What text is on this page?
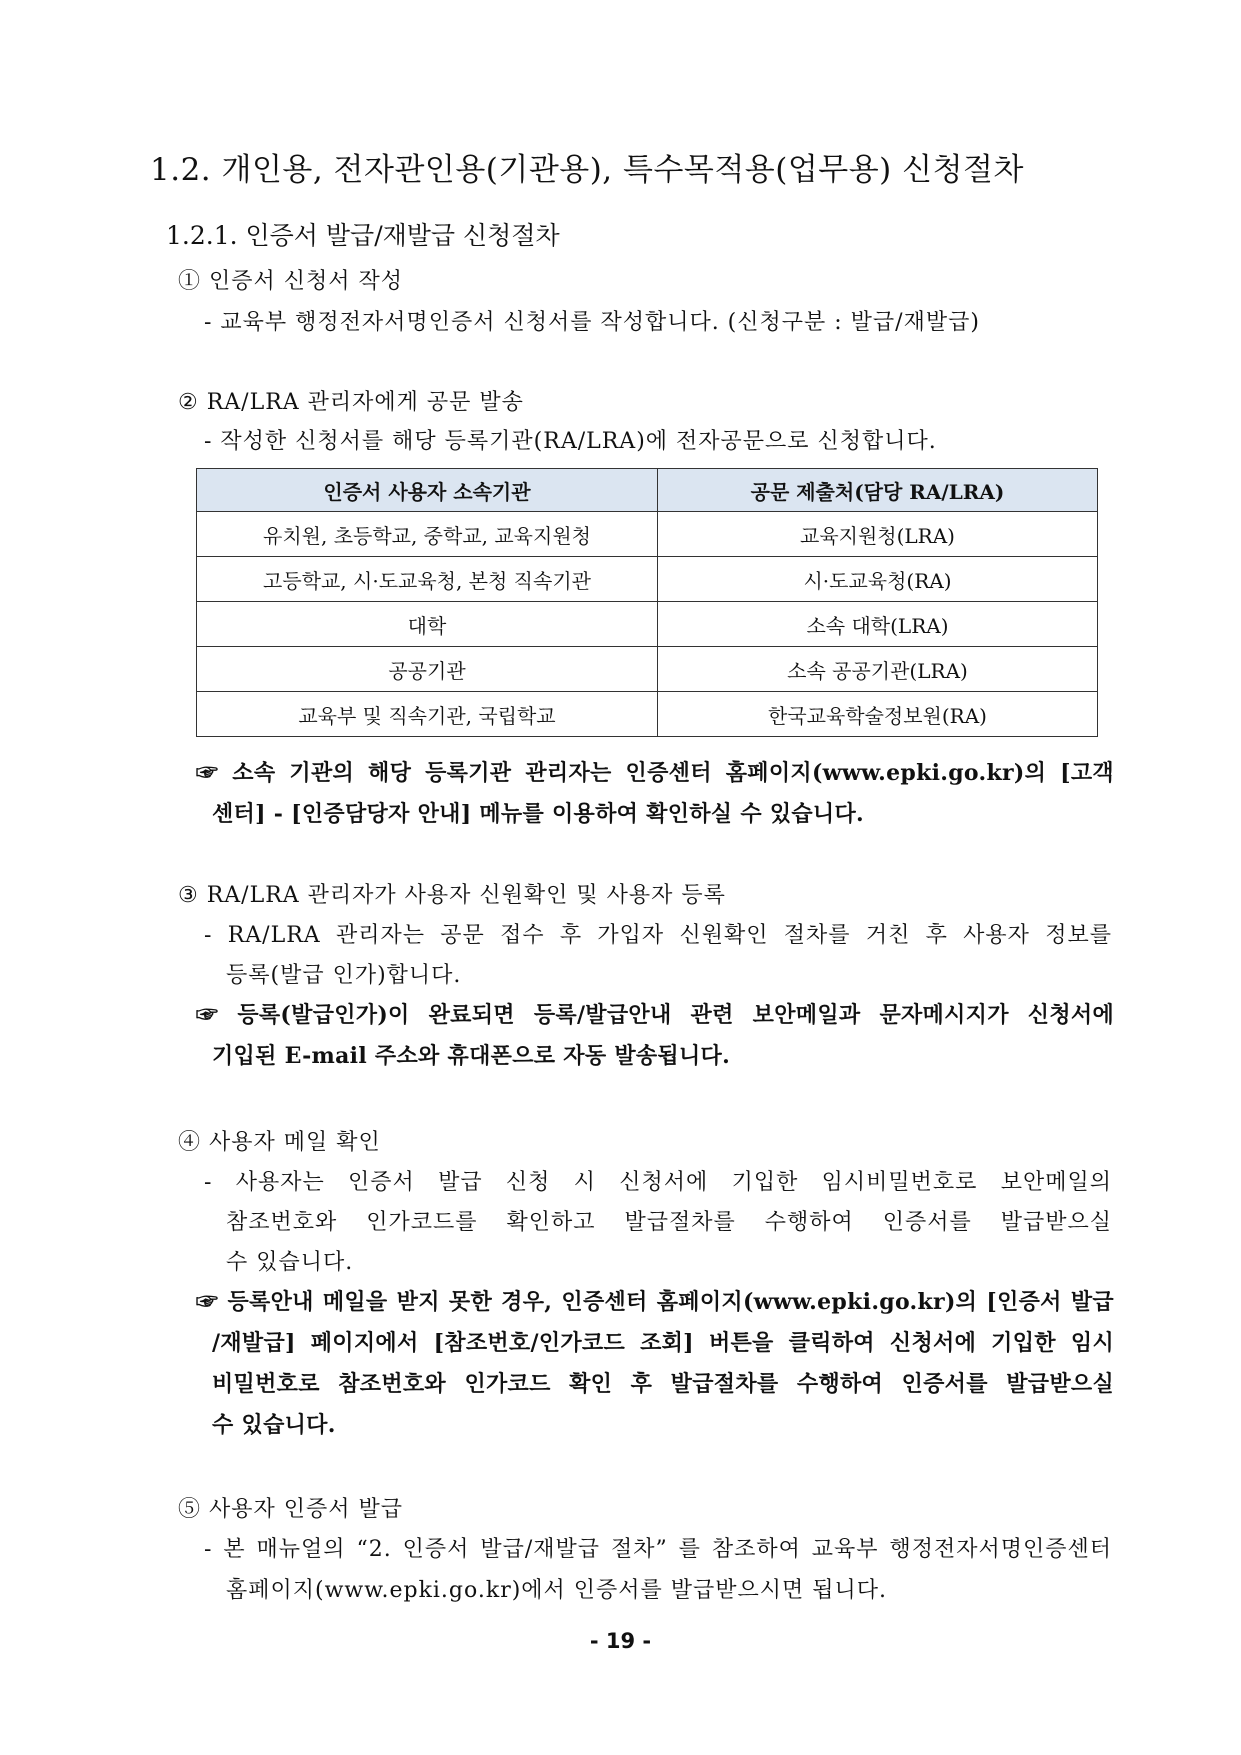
1.2. 개인용, 전자관인용(기관용), 특수목적용(업무용) 신청절차
1.2.1. 인증서 발급/재발급 신청절차
① 인증서 신청서 작성
- 교육부 행정전자서명인증서 신청서를 작성합니다. (신청구분 : 발급/재발급)
② RA/LRA 관리자에게 공문 발송
- 작성한 신청서를 해당 등록기관(RA/LRA)에 전자공문으로 신청합니다.
인증서 사용자 소속기관	공문 제출처(담당 RA/LRA)
유치원, 초등학교, 중학교, 교육지원청	교육지원청(LRA)
고등학교, 시·도교육청, 본청 직속기관	시·도교육청(RA)
대학	소속 대학(LRA)
공공기관	소속 공공기관(LRA)
교육부 및 직속기관, 국립학교	한국교육학술정보원(RA)
☞ 소속 기관의 해당 등록기관 관리자는 인증센터 홈페이지(www.epki.go.kr)의 [고객
센터] - [인증담당자 안내] 메뉴를 이용하여 확인하실 수 있습니다.
③ RA/LRA 관리자가 사용자 신원확인 및 사용자 등록
- RA/LRA 관리자는 공문 접수 후 가입자 신원확인 절차를 거친 후 사용자 정보를
등록(발급 인가)합니다.
☞ 등록(발급인가)이 완료되면 등록/발급안내 관련 보안메일과 문자메시지가 신청서에
기입된 E-mail 주소와 휴대폰으로 자동 발송됩니다.
④ 사용자 메일 확인
- 사용자는 인증서 발급 신청 시 신청서에 기입한 임시비밀번호로 보안메일의
참조번호와 인가코드를 확인하고 발급절차를 수행하여 인증서를 발급받으실
수 있습니다.
☞ 등록안내 메일을 받지 못한 경우, 인증센터 홈페이지(www.epki.go.kr)의 [인증서 발급
/재발급] 페이지에서 [참조번호/인가코드 조회] 버튼을 클릭하여 신청서에 기입한 임시
비밀번호로 참조번호와 인가코드 확인 후 발급절차를 수행하여 인증서를 발급받으실
수 있습니다.
⑤ 사용자 인증서 발급
- 본 매뉴얼의 “2. 인증서 발급/재발급 절차” 를 참조하여 교육부 행정전자서명인증센터
홈페이지(www.epki.go.kr)에서 인증서를 발급받으시면 됩니다.
- 19 -
